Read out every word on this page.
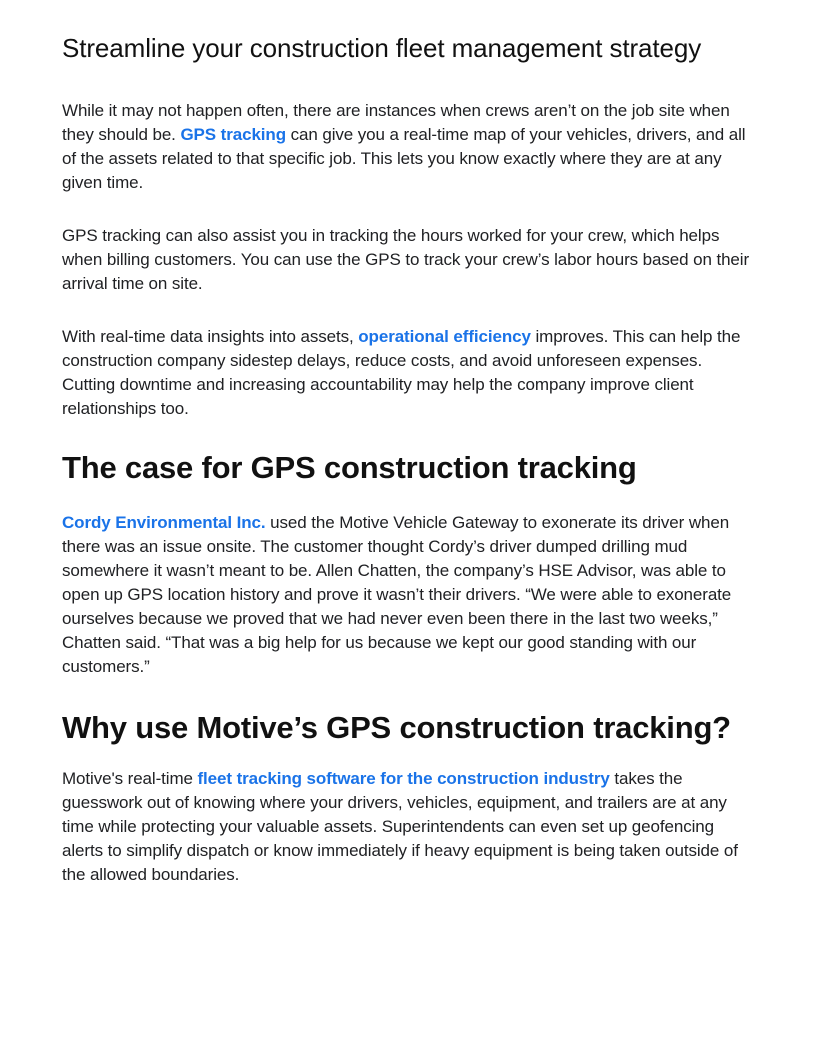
Streamline your construction fleet management strategy

While it may not happen often, there are instances when crews aren’t on the job site when they should be. GPS tracking can give you a real-time map of your vehicles, drivers, and all of the assets related to that specific job. This lets you know exactly where they are at any given time.

GPS tracking can also assist you in tracking the hours worked for your crew, which helps when billing customers. You can use the GPS to track your crew’s labor hours based on their arrival time on site.

With real-time data insights into assets, operational efficiency improves. This can help the construction company sidestep delays, reduce costs, and avoid unforeseen expenses. Cutting downtime and increasing accountability may help the company improve client relationships too.

The case for GPS construction tracking

Cordy Environmental Inc. used the Motive Vehicle Gateway to exonerate its driver when there was an issue onsite. The customer thought Cordy’s driver dumped drilling mud somewhere it wasn’t meant to be. Allen Chatten, the company’s HSE Advisor, was able to open up GPS location history and prove it wasn’t their drivers. “We were able to exonerate ourselves because we proved that we had never even been there in the last two weeks,” Chatten said. “That was a big help for us because we kept our good standing with our customers.”

Why use Motive’s GPS construction tracking?

Motive's real-time fleet tracking software for the construction industry takes the guesswork out of knowing where your drivers, vehicles, equipment, and trailers are at any time while protecting your valuable assets. Superintendents can even set up geofencing alerts to simplify dispatch or know immediately if heavy equipment is being taken outside of the allowed boundaries.
